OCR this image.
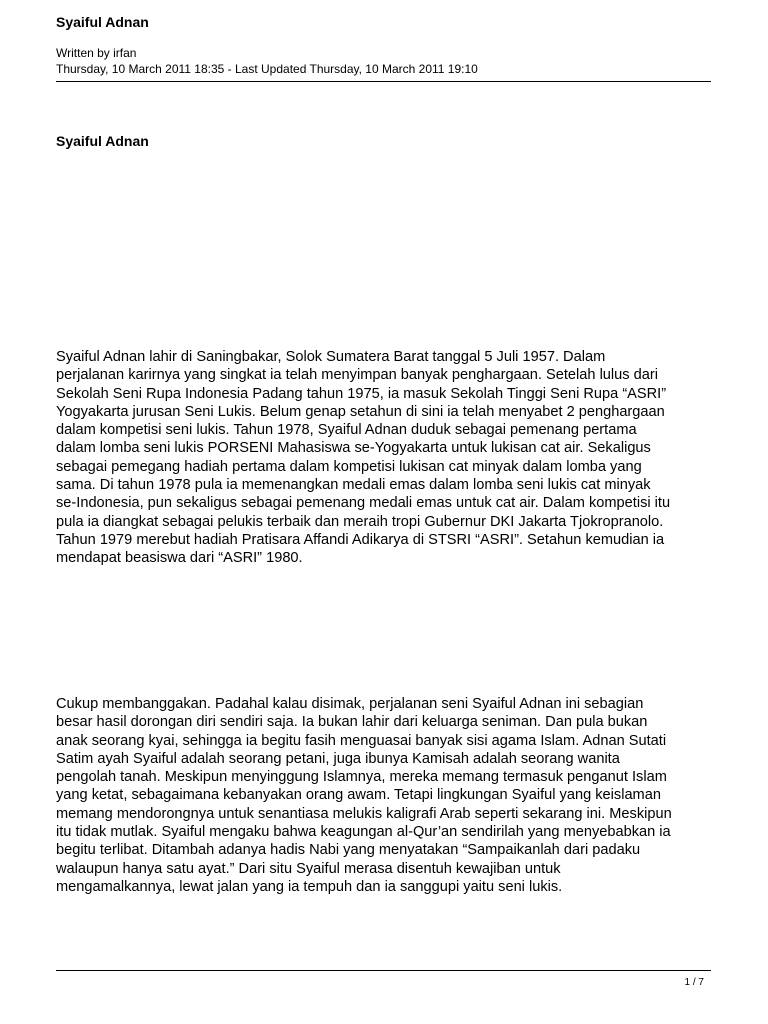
Syaiful Adnan
Written by irfan
Thursday, 10 March 2011 18:35 - Last Updated Thursday, 10 March 2011 19:10
Syaiful Adnan
Syaiful Adnan lahir di Saningbakar, Solok Sumatera Barat tanggal 5 Juli 1957. Dalam
perjalanan karirnya yang singkat ia telah menyimpan banyak penghargaan. Setelah lulus dari
Sekolah Seni Rupa Indonesia Padang tahun 1975, ia masuk Sekolah Tinggi Seni Rupa “ASRI”
Yogyakarta jurusan Seni Lukis. Belum genap setahun di sini ia telah menyabet 2 penghargaan
dalam kompetisi seni lukis. Tahun 1978, Syaiful Adnan duduk sebagai pemenang pertama
dalam lomba seni lukis PORSENI Mahasiswa se-Yogyakarta untuk lukisan cat air. Sekaligus
sebagai pemegang hadiah pertama dalam kompetisi lukisan cat minyak dalam lomba yang
sama. Di tahun 1978 pula ia memenangkan medali emas dalam lomba seni lukis cat minyak
se-Indonesia, pun sekaligus sebagai pemenang medali emas untuk cat air. Dalam kompetisi itu
pula ia diangkat sebagai pelukis terbaik dan meraih tropi Gubernur DKI Jakarta Tjokropranolo.
Tahun 1979 merebut hadiah Pratisara Affandi Adikarya di STSRI “ASRI”. Setahun kemudian ia
mendapat beasiswa dari “ASRI” 1980.
Cukup membanggakan. Padahal kalau disimak, perjalanan seni Syaiful Adnan ini sebagian
besar hasil dorongan diri sendiri saja. Ia bukan lahir dari keluarga seniman. Dan pula bukan
anak seorang kyai, sehingga ia begitu fasih menguasai banyak sisi agama Islam. Adnan Sutati
Satim ayah Syaiful adalah seorang petani, juga ibunya Kamisah adalah seorang wanita
pengolah tanah. Meskipun menyinggung Islamnya, mereka memang termasuk penganut Islam
yang ketat, sebagaimana kebanyakan orang awam. Tetapi lingkungan Syaiful yang keislaman
memang mendorongnya untuk senantiasa melukis kaligrafi Arab seperti sekarang ini. Meskipun
itu tidak mutlak. Syaiful mengaku bahwa keagungan al-Qur’an sendirilah yang menyebabkan ia
begitu terlibat. Ditambah adanya hadis Nabi yang menyatakan “Sampaikanlah dari padaku
walaupun hanya satu ayat.” Dari situ Syaiful merasa disentuh kewajiban untuk
mengamalkannya, lewat jalan yang ia tempuh dan ia sanggupi yaitu seni lukis.
1 / 7
